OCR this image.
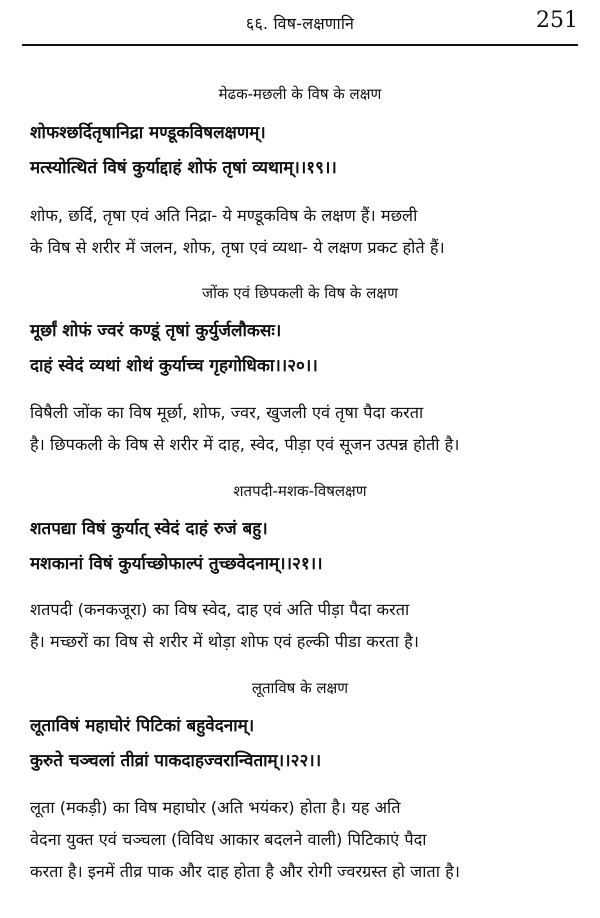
६६. विष-लक्षणानि	251
मेढक-मछली के विष के लक्षण
शोफश्छर्दितृषानिद्रा मण्डूकविषलक्षणम्।
मत्स्योत्थितं विषं कुर्याद्दाहं शोफं तृषां व्यथाम्।।१९।।
शोफ, छर्दि, तृषा एवं अति निद्रा- ये मण्डूकविष के लक्षण हैं। मछली
के विष से शरीर में जलन, शोफ, तृषा एवं व्यथा- ये लक्षण प्रकट होते हैं।
जोंक एवं छिपकली के विष के लक्षण
मूर्छां शोफं ज्वरं कण्डूं तृषां कुर्युर्जलौकसः।
दाहं स्वेदं व्यथां शोथं कुर्याच्च गृहगोधिका।।२०।।
विषैली जोंक का विष मूर्छा, शोफ, ज्वर, खुजली एवं तृषा पैदा करता
है। छिपकली के विष से शरीर में दाह, स्वेद, पीड़ा एवं सूजन उत्पन्न होती है।
शतपदी-मशक-विषलक्षण
शतपद्या विषं कुर्यात् स्वेदं दाहं रुजं बहु।
मशकानां विषं कुर्याच्छोफाल्पं तुच्छवेदनाम्।।२१।।
शतपदी (कनकजूरा) का विष स्वेद, दाह एवं अति पीड़ा पैदा करता
है। मच्छरों का विष से शरीर में थोड़ा शोफ एवं हल्की पीडा करता है।
लूताविष के लक्षण
लूताविषं महाघोरं पिटिकां बहुवेदनाम्।
कुरुते चञ्चलां तीव्रां पाकदाहज्वरान्विताम्।।२२।।
लूता (मकड़ी) का विष महाघोर (अति भयंकर) होता है। यह अति
वेदना युक्त एवं चञ्चला (विविध आकार बदलने वाली) पिटिकाएं पैदा
करता है। इनमें तीव्र पाक और दाह होता है और रोगी ज्वरग्रस्त हो जाता है।
